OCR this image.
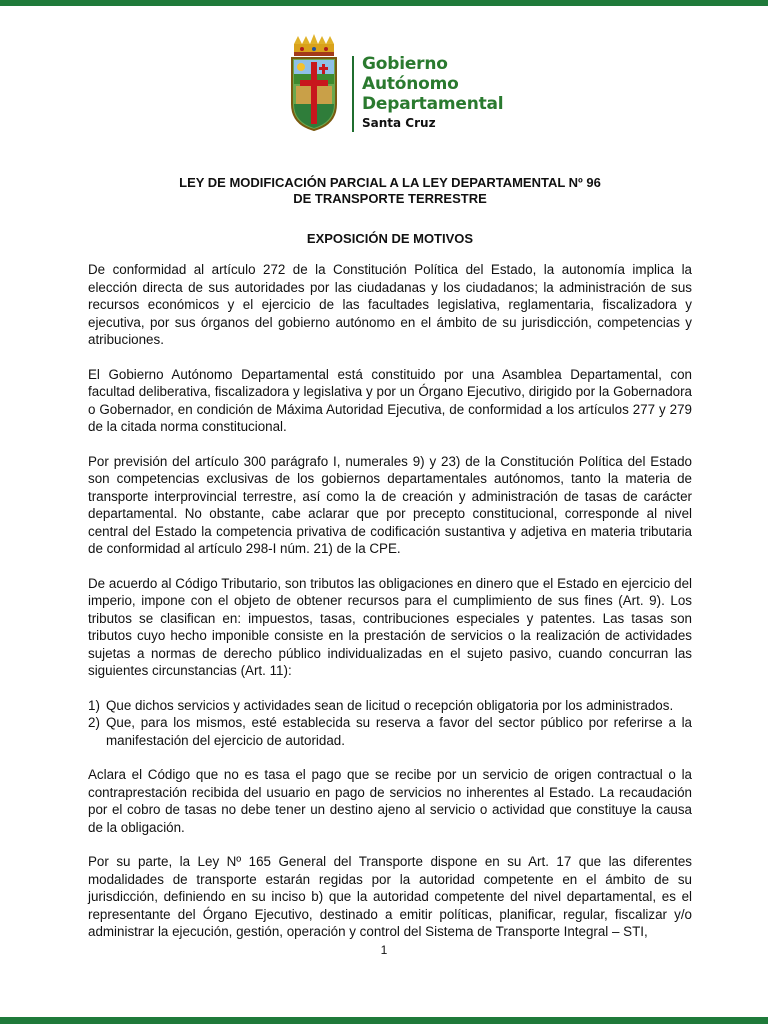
Gobierno
Autónomo
Departamental
Santa Cruz
LEY DE MODIFICACIÓN PARCIAL A LA LEY DEPARTAMENTAL Nº 96
DE TRANSPORTE TERRESTRE
EXPOSICIÓN DE MOTIVOS

De conformidad al artículo 272 de la Constitución Política del Estado, la autonomía implica la elección directa de sus autoridades por las ciudadanas y los ciudadanos; la administración de sus recursos económicos y el ejercicio de las facultades legislativa, reglamentaria, fiscalizadora y ejecutiva, por sus órganos del gobierno autónomo en el ámbito de su jurisdicción, competencias y atribuciones.

El Gobierno Autónomo Departamental está constituido por una Asamblea Departamental, con facultad deliberativa, fiscalizadora y legislativa y por un Órgano Ejecutivo, dirigido por la Gobernadora o Gobernador, en condición de Máxima Autoridad Ejecutiva, de conformidad a los artículos 277 y 279 de la citada norma constitucional.

Por previsión del artículo 300 parágrafo I, numerales 9) y 23) de la Constitución Política del Estado son competencias exclusivas de los gobiernos departamentales autónomos, tanto la materia de transporte interprovincial terrestre, así como la de creación y administración de tasas de carácter departamental. No obstante, cabe aclarar que por precepto constitucional, corresponde al nivel central del Estado la competencia privativa de codificación sustantiva y adjetiva en materia tributaria de conformidad al artículo 298-I núm. 21) de la CPE.

De acuerdo al Código Tributario, son tributos las obligaciones en dinero que el Estado en ejercicio del imperio, impone con el objeto de obtener recursos para el cumplimiento de sus fines (Art. 9). Los tributos se clasifican en: impuestos, tasas, contribuciones especiales y patentes. Las tasas son tributos cuyo hecho imponible consiste en la prestación de servicios o la realización de actividades sujetas a normas de derecho público individualizadas en el sujeto pasivo, cuando concurran las siguientes circunstancias (Art. 11):

1) Que dichos servicios y actividades sean de licitud o recepción obligatoria por los administrados.
2) Que, para los mismos, esté establecida su reserva a favor del sector público por referirse a la manifestación del ejercicio de autoridad.

Aclara el Código que no es tasa el pago que se recibe por un servicio de origen contractual o la contraprestación recibida del usuario en pago de servicios no inherentes al Estado. La recaudación por el cobro de tasas no debe tener un destino ajeno al servicio o actividad que constituye la causa de la obligación.

Por su parte, la Ley Nº 165 General del Transporte dispone en su Art. 17 que las diferentes modalidades de transporte estarán regidas por la autoridad competente en el ámbito de su jurisdicción, definiendo en su inciso b) que la autoridad competente del nivel departamental, es el representante del Órgano Ejecutivo, destinado a emitir políticas, planificar, regular, fiscalizar y/o administrar la ejecución, gestión, operación y control del Sistema de Transporte Integral – STI,

1
